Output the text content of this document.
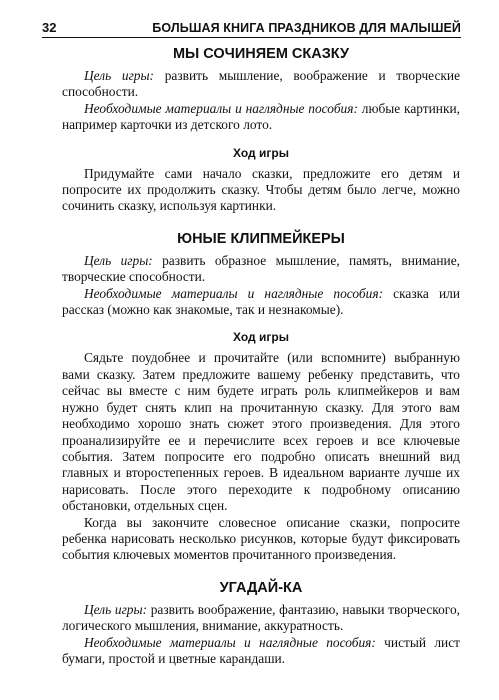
32	БОЛЬШАЯ КНИГА ПРАЗДНИКОВ ДЛЯ МАЛЫШЕЙ
МЫ СОЧИНЯЕМ СКАЗКУ

Цель игры: развить мышление, воображение и творческие способности.

Необходимые материалы и наглядные пособия: любые картинки, например карточки из детского лото.

Ход игры

Придумайте сами начало сказки, предложите его детям и попросите их продолжить сказку. Чтобы детям было легче, можно сочинить сказку, используя картинки.

ЮНЫЕ КЛИПМЕЙКЕРЫ

Цель игры: развить образное мышление, память, внимание, творческие способности.

Необходимые материалы и наглядные пособия: сказка или рассказ (можно как знакомые, так и незнакомые).

Ход игры

Сядьте поудобнее и прочитайте (или вспомните) выбранную вами сказку. Затем предложите вашему ребенку представить, что сейчас вы вместе с ним будете играть роль клипмейкеров и вам нужно будет снять клип на прочитанную сказку. Для этого вам необходимо хорошо знать сюжет этого произведения. Для этого проанализируйте ее и перечислите всех героев и все ключевые события. Затем попросите его подробно описать внешний вид главных и второстепенных героев. В идеальном варианте лучше их нарисовать. После этого переходите к подробному описанию обстановки, отдельных сцен.

Когда вы закончите словесное описание сказки, попросите ребенка нарисовать несколько рисунков, которые будут фиксировать события ключевых моментов прочитанного произведения.

УГАДАЙ-КА

Цель игры: развить воображение, фантазию, навыки творческого, логического мышления, внимание, аккуратность.

Необходимые материалы и наглядные пособия: чистый лист бумаги, простой и цветные карандаши.
